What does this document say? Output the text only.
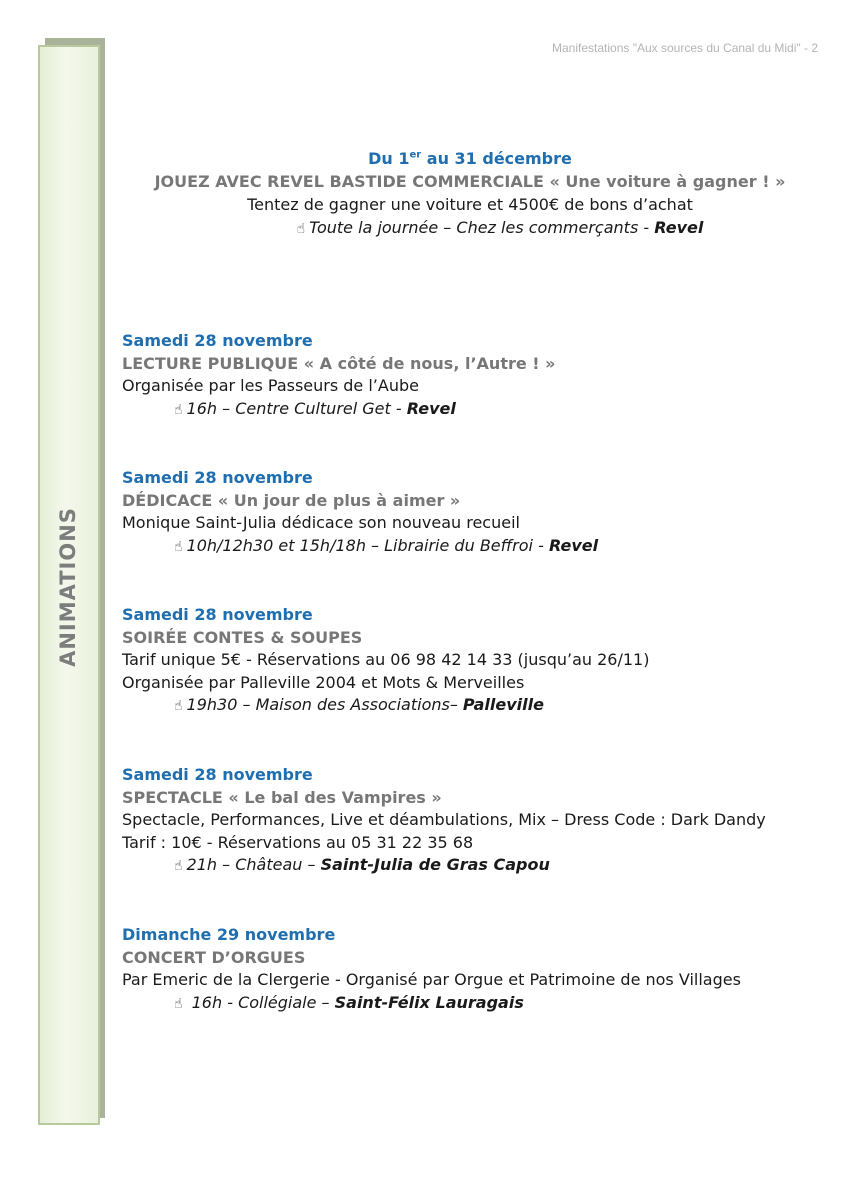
Manifestations "Aux sources du Canal du Midi" - 2
ANIMATIONS
Du 1er au 31 décembre
JOUEZ AVEC REVEL BASTIDE COMMERCIALE « Une voiture à gagner ! »
Tentez de gagner une voiture et 4500€ de bons d’achat
☝ Toute la journée – Chez les commerçants - Revel
Samedi 28 novembre
LECTURE PUBLIQUE « A côté de nous, l’Autre ! »
Organisée par les Passeurs de l’Aube
☝ 16h – Centre Culturel Get - Revel
Samedi 28 novembre
DÉDICACE « Un jour de plus à aimer »
Monique Saint-Julia dédicace son nouveau recueil
☝ 10h/12h30 et 15h/18h – Librairie du Beffroi - Revel
Samedi 28 novembre
SOIRÉE CONTES & SOUPES
Tarif unique 5€ - Réservations au 06 98 42 14 33 (jusqu’au 26/11)
Organisée par Palleville 2004 et Mots & Merveilles
☝ 19h30 – Maison des Associations– Palleville
Samedi 28 novembre
SPECTACLE « Le bal des Vampires »
Spectacle, Performances, Live et déambulations, Mix – Dress Code : Dark Dandy
Tarif : 10€ - Réservations au 05 31 22 35 68
☝ 21h – Château – Saint-Julia de Gras Capou
Dimanche 29 novembre
CONCERT D’ORGUES
Par Emeric de la Clergerie - Organisé par Orgue et Patrimoine de nos Villages
☝ 16h - Collégiale – Saint-Félix Lauragais
